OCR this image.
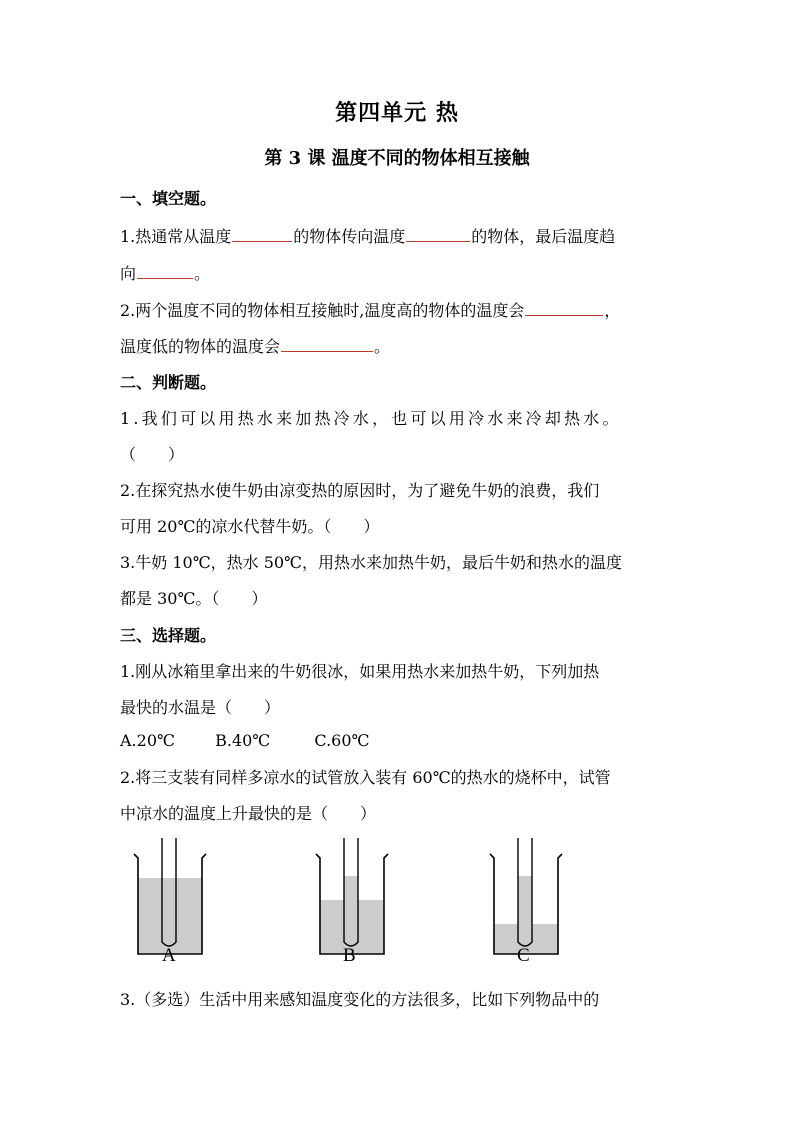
第四单元 热
第 3 课 温度不同的物体相互接触
一、填空题。
1.热通常从温度	的物体传向温度	的物体，最后温度趋
向	。
2.两个温度不同的物体相互接触时,温度高的物体的温度会	，
温度低的物体的温度会	。
二、判断题。
1.我们可以用热水来加热冷水，也可以用冷水来冷却热水。
（　　）
2.在探究热水使牛奶由凉变热的原因时，为了避免牛奶的浪费，我们
可用 20℃的凉水代替牛奶。（　　）
3.牛奶 10℃，热水 50℃，用热水来加热牛奶，最后牛奶和热水的温度
都是 30℃。（　　）
三、选择题。
1.刚从冰箱里拿出来的牛奶很冰，如果用热水来加热牛奶，下列加热
最快的水温是（　　）
A.20℃	B.40℃	C.60℃
2.将三支装有同样多凉水的试管放入装有 60℃的热水的烧杯中，试管
中凉水的温度上升最快的是（　　）
A	B	C
3.（多选）生活中用来感知温度变化的方法很多，比如下列物品中的
